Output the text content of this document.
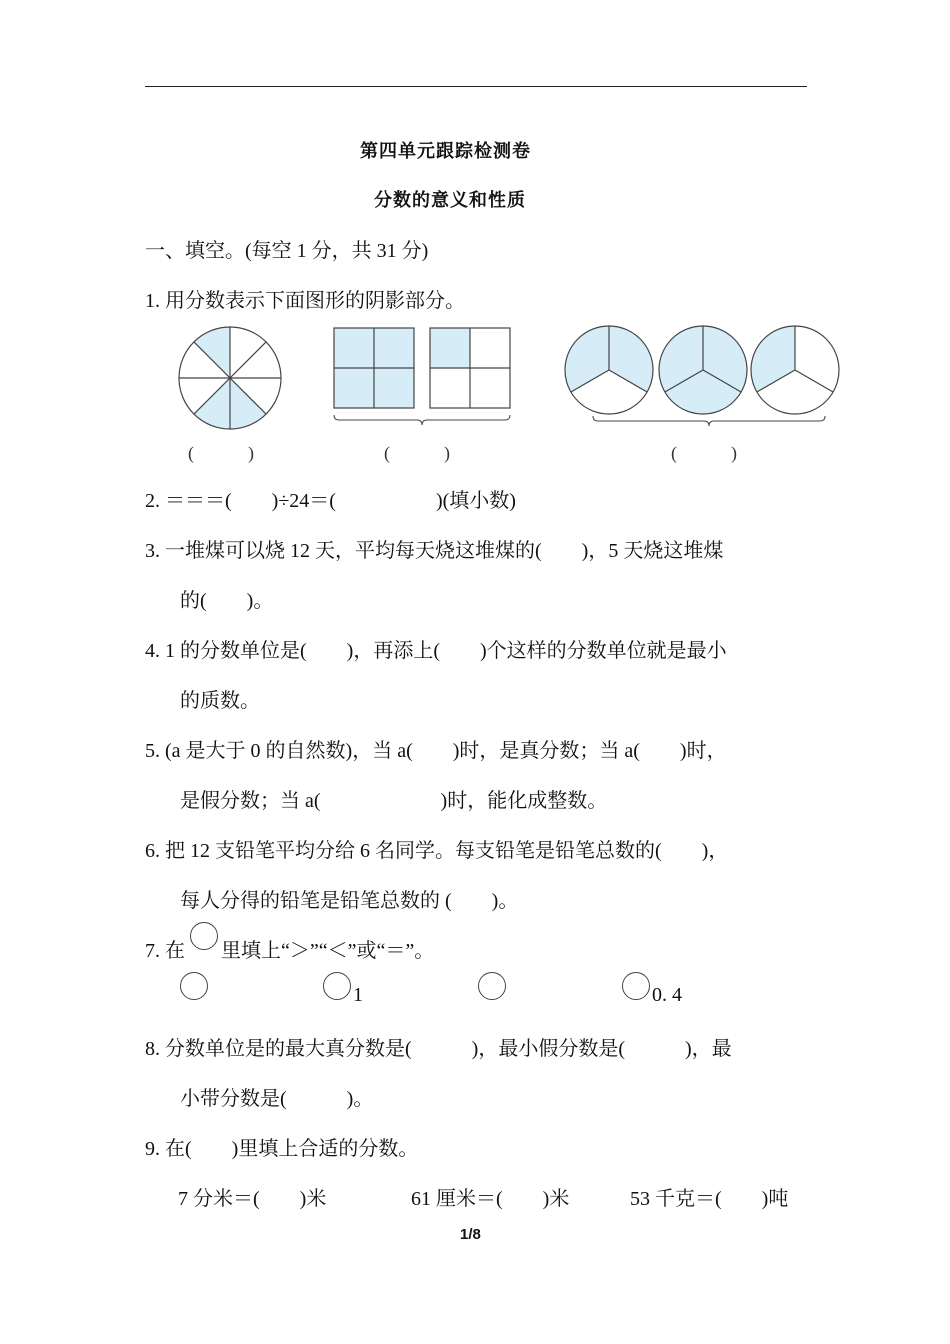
第四单元跟踪检测卷
分数的意义和性质
一、填空。(每空 1 分，共 31 分)
1. 用分数表示下面图形的阴影部分。
(　　　)	(　　　)	(　　　)
2. ＝＝＝(　　)÷24＝(　　　　　)(填小数)
3. 一堆煤可以烧 12 天，平均每天烧这堆煤的(　　)，5 天烧这堆煤
的(　　)。
4. 1 的分数单位是(　　)，再添上(　　)个这样的分数单位就是最小
的质数。
5. (a 是大于 0 的自然数)，当 a(　　)时，是真分数；当 a(　　)时，
是假分数；当 a(　　　　　　)时，能化成整数。
6. 把 12 支铅笔平均分给 6 名同学。每支铅笔是铅笔总数的(　　)，
每人分得的铅笔是铅笔总数的 (　　)。
7. 在 里填上“＞”“＜”或“＝”。
1	0. 4
8. 分数单位是的最大真分数是(　　　)，最小假分数是(　　　)，最
小带分数是(　　　)。
9. 在(　　)里填上合适的分数。
7 分米＝(　　)米	61 厘米＝(　　)米	53 千克＝(　　)吨
1/8
